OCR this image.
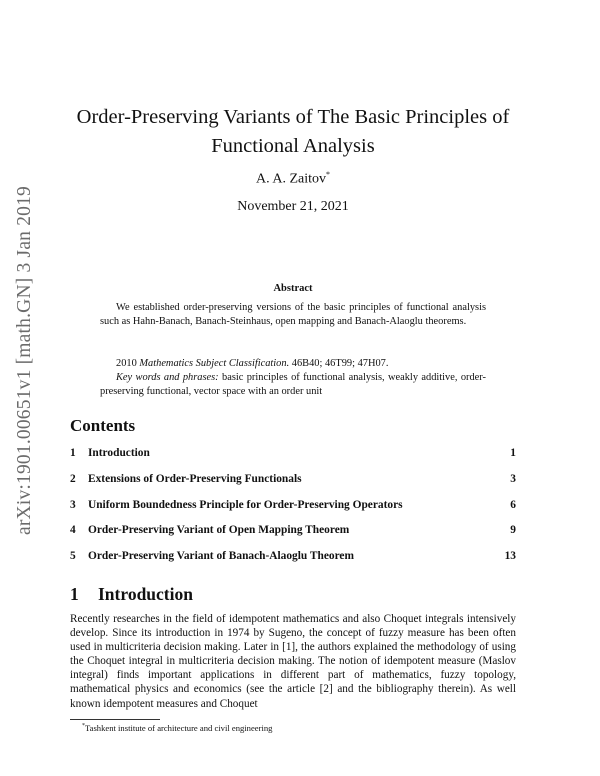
arXiv:1901.00651v1 [math.GN] 3 Jan 2019
Order-Preserving Variants of The Basic Principles of Functional Analysis
A. A. Zaitov*
November 21, 2021
Abstract
We established order-preserving versions of the basic principles of functional analysis such as Hahn-Banach, Banach-Steinhaus, open mapping and Banach-Alaoglu theorems.
2010 Mathematics Subject Classification. 46B40; 46T99; 47H07.
Key words and phrases: basic principles of functional analysis, weakly additive, order-preserving functional, vector space with an order unit
Contents
1 Introduction	1
2 Extensions of Order-Preserving Functionals	3
3 Uniform Boundedness Principle for Order-Preserving Operators	6
4 Order-Preserving Variant of Open Mapping Theorem	9
5 Order-Preserving Variant of Banach-Alaoglu Theorem	13
1 Introduction
Recently researches in the field of idempotent mathematics and also Choquet integrals intensively develop. Since its introduction in 1974 by Sugeno, the concept of fuzzy measure has been often used in multicriteria decision making. Later in [1], the authors explained the methodology of using the Choquet integral in multicriteria decision making. The notion of idempotent measure (Maslov integral) finds important applications in different part of mathematics, fuzzy topology, mathematical physics and economics (see the article [2] and the bibliography therein). As well known idempotent measures and Choquet
*Tashkent institute of architecture and civil engineering
